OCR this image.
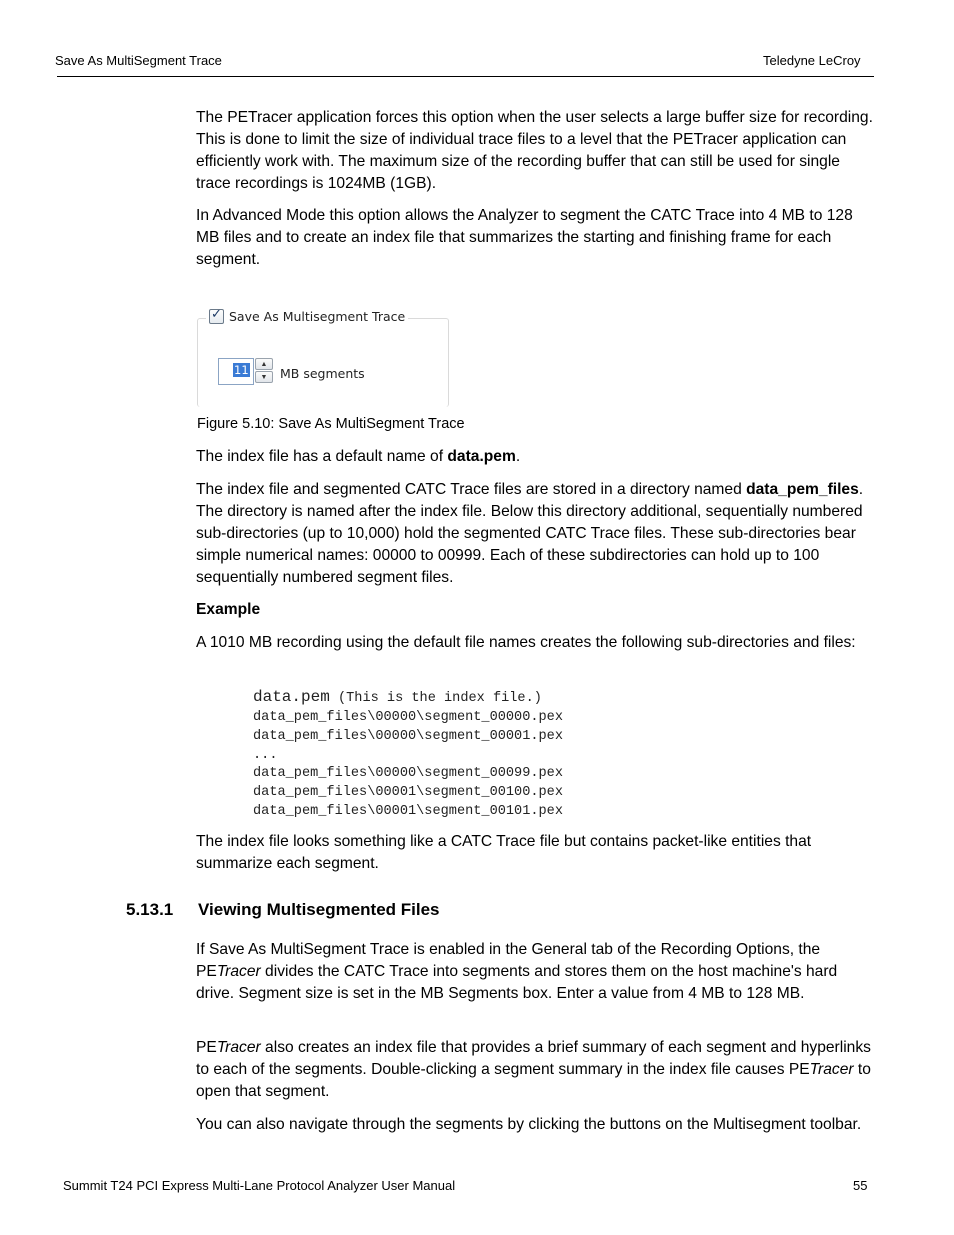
Save As MultiSegment Trace	Teledyne LeCroy

The PETracer application forces this option when the user selects a large buffer size for recording. This is done to limit the size of individual trace files to a level that the PETracer application can efficiently work with. The maximum size of the recording buffer that can still be used for single trace recordings is 1024MB (1GB).

In Advanced Mode this option allows the Analyzer to segment the CATC Trace into 4 MB to 128 MB files and to create an index file that summarizes the starting and finishing frame for each segment.

✓
Save As Multisegment Trace
11	▲
▼	MB segments
Figure 5.10: Save As MultiSegment Trace

The index file has a default name of data.pem.

The index file and segmented CATC Trace files are stored in a directory named data_pem_files. The directory is named after the index file. Below this directory additional, sequentially numbered sub-directories (up to 10,000) hold the segmented CATC Trace files. These sub-directories bear simple numerical names: 00000 to 00999. Each of these subdirectories can hold up to 100 sequentially numbered segment files.

Example

A 1010 MB recording using the default file names creates the following sub-directories and files:

data.pem (This is the index file.)
data_pem_files\00000\segment_00000.pex
data_pem_files\00000\segment_00001.pex
...
data_pem_files\00000\segment_00099.pex
data_pem_files\00001\segment_00100.pex
data_pem_files\00001\segment_00101.pex

The index file looks something like a CATC Trace file but contains packet-like entities that summarize each segment.

5.13.1 Viewing Multisegmented Files

If Save As MultiSegment Trace is enabled in the General tab of the Recording Options, the PETracer divides the CATC Trace into segments and stores them on the host machine's hard drive. Segment size is set in the MB Segments box. Enter a value from 4 MB to 128 MB.

PETracer also creates an index file that provides a brief summary of each segment and hyperlinks to each of the segments. Double-clicking a segment summary in the index file causes PETracer to open that segment.

You can also navigate through the segments by clicking the buttons on the Multisegment toolbar.

Summit T24 PCI Express Multi-Lane Protocol Analyzer User Manual	55
